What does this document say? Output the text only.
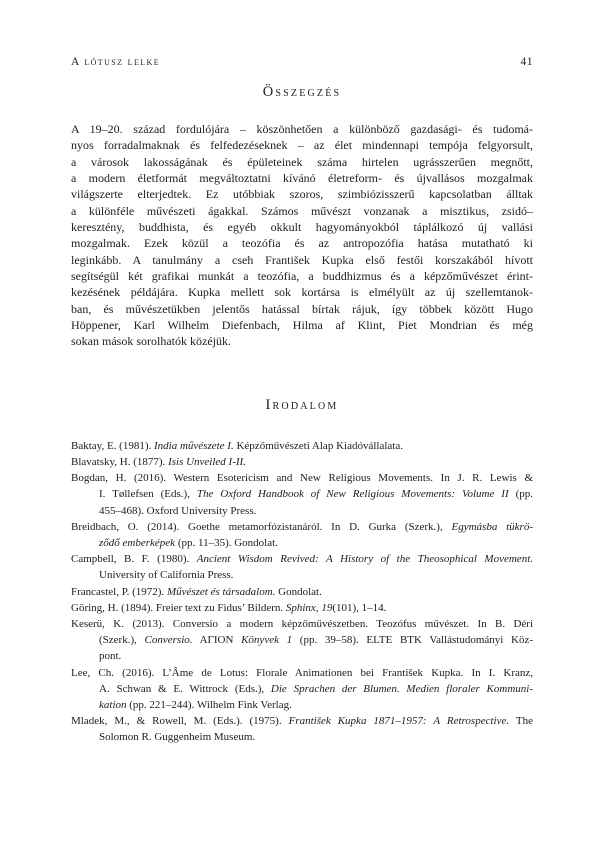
A lótusz lelke	41
Összegzés
A 19–20. század fordulójára – köszönhetően a különböző gazdasági- és tudomá-
nyos forradalmaknak és felfedezéseknek – az élet mindennapi tempója felgyorsult,
a városok lakosságának és épületeinek száma hirtelen ugrásszerűen megnőtt,
a modern életformát megváltoztatni kívánó életreform- és újvallásos mozgalmak
világszerte elterjedtek. Ez utóbbiak szoros, szimbiózisszerű kapcsolatban álltak
a különféle művészeti ágakkal. Számos művészt vonzanak a misztikus, zsidó–
keresztény, buddhista, és egyéb okkult hagyományokból táplálkozó új vallási
mozgalmak. Ezek közül a teozófia és az antropozófia hatása mutatható ki
leginkább. A tanulmány a cseh František Kupka első festői korszakából hívott
segítségül két grafikai munkát a teozófia, a buddhizmus és a képzőművészet érint-
kezésének példájára. Kupka mellett sok kortársa is elmélyült az új szellemtanok-
ban, és művészetükben jelentős hatással bírtak rájuk, így többek között Hugo
Höppener, Karl Wilhelm Diefenbach, Hilma af Klint, Piet Mondrian és még
sokan mások sorolhatók közéjük.
Irodalom
Baktay, E. (1981). India művészete I. Képzőművészeti Alap Kiadóvállalata.
Blavatsky, H. (1877). Isis Unveiled I-II.
Bogdan, H. (2016). Western Esotericism and New Religious Movements. In J. R. Lewis &
I. Tøllefsen (Eds.), The Oxford Handbook of New Religious Movements: Volume II (pp.
455–468). Oxford University Press.
Breidbach, O. (2014). Goethe metamorfózistanáról. In D. Gurka (Szerk.), Egymásba tükrö-
ződő emberképek (pp. 11–35). Gondolat.
Campbell, B. F. (1980). Ancient Wisdom Revived: A History of the Theosophical Movement.
University of California Press.
Francastel, P. (1972). Művészet és társadalom. Gondolat.
Göring, H. (1894). Freier text zu Fidus’ Bildern. Sphinx, 19(101), 1–14.
Keserü, K. (2013). Conversio a modern képzőművészetben. Teozófus művészet. In B. Déri
(Szerk.), Conversio. AΓION Könyvek 1 (pp. 39–58). ELTE BTK Vallástudományi Köz-
pont.
Lee, Ch. (2016). L’Âme de Lotus: Florale Animationen bei František Kupka. In I. Kranz,
A. Schwan & E. Wittrock (Eds.), Die Sprachen der Blumen. Medien floraler Kommuni-
kation (pp. 221–244). Wilhelm Fink Verlag.
Mladek, M., & Rowell, M. (Eds.). (1975). František Kupka 1871–1957: A Retrospective. The
Solomon R. Guggenheim Museum.
